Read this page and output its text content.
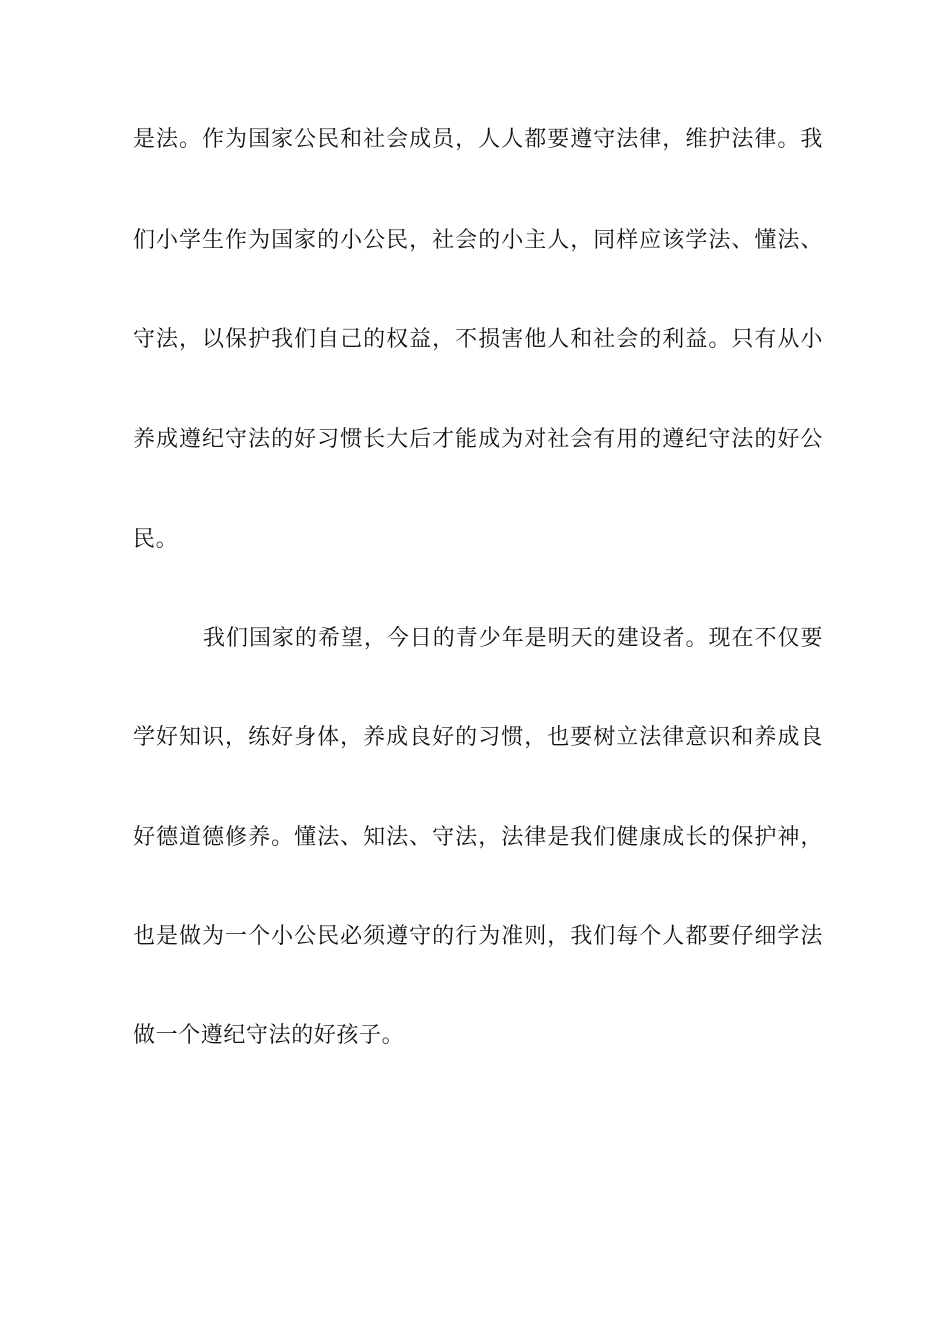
是法。作为国家公民和社会成员，人人都要遵守法律，维护法律。我
们小学生作为国家的小公民，社会的小主人，同样应该学法、懂法、
守法，以保护我们自己的权益，不损害他人和社会的利益。只有从小
养成遵纪守法的好习惯长大后才能成为对社会有用的遵纪守法的好公
民。
我们国家的希望，今日的青少年是明天的建设者。现在不仅要
学好知识，练好身体，养成良好的习惯，也要树立法律意识和养成良
好德道德修养。懂法、知法、守法，法律是我们健康成长的保护神，
也是做为一个小公民必须遵守的行为准则，我们每个人都要仔细学法
做一个遵纪守法的好孩子。
